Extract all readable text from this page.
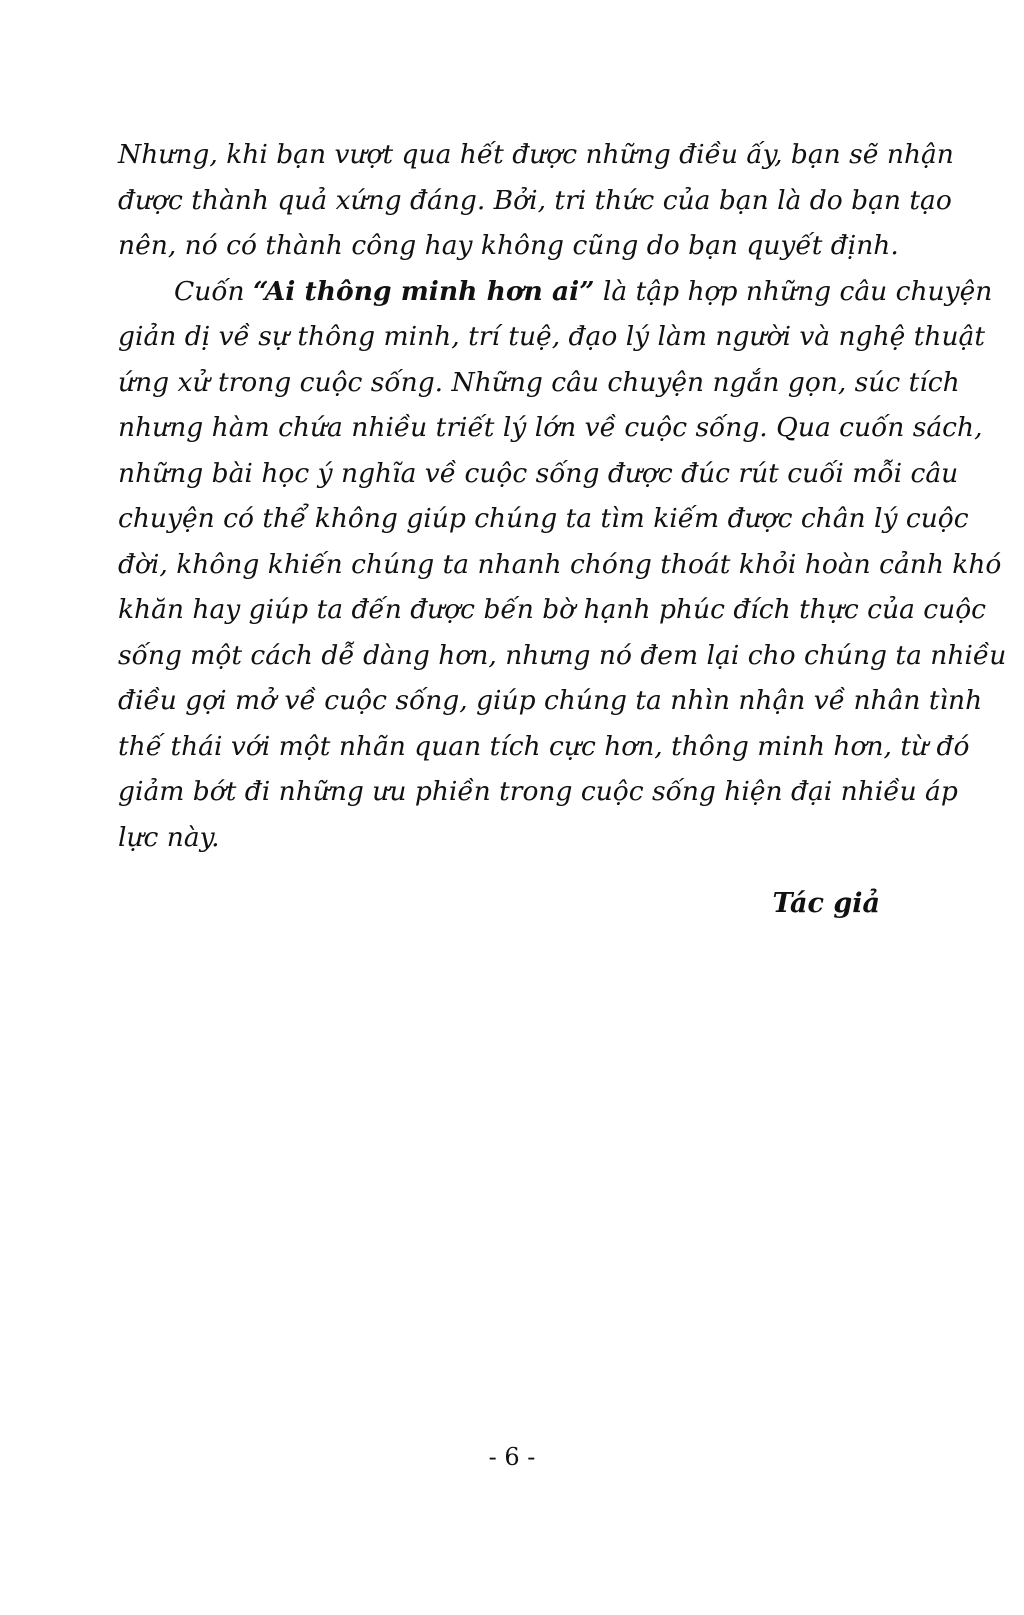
Nhưng, khi bạn vượt qua hết được những điều ấy, bạn sẽ nhận
được thành quả xứng đáng. Bởi, tri thức của bạn là do bạn tạo
nên, nó có thành công hay không cũng do bạn quyết định.

Cuốn “Ai thông minh hơn ai” là tập hợp những câu chuyện
giản dị về sự thông minh, trí tuệ, đạo lý làm người và nghệ thuật
ứng xử trong cuộc sống. Những câu chuyện ngắn gọn, súc tích
nhưng hàm chứa nhiều triết lý lớn về cuộc sống. Qua cuốn sách,
những bài học ý nghĩa về cuộc sống được đúc rút cuối mỗi câu
chuyện có thể không giúp chúng ta tìm kiếm được chân lý cuộc
đời, không khiến chúng ta nhanh chóng thoát khỏi hoàn cảnh khó
khăn hay giúp ta đến được bến bờ hạnh phúc đích thực của cuộc
sống một cách dễ dàng hơn, nhưng nó đem lại cho chúng ta nhiều
điều gợi mở về cuộc sống, giúp chúng ta nhìn nhận về nhân tình
thế thái với một nhãn quan tích cực hơn, thông minh hơn, từ đó
giảm bớt đi những ưu phiền trong cuộc sống hiện đại nhiều áp
lực này.

Tác giả
- 6 -
